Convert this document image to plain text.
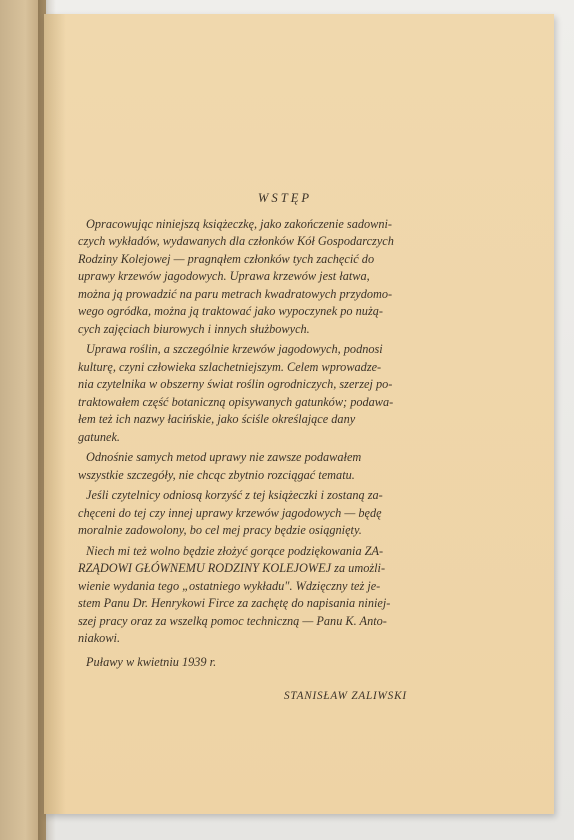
WSTĘP
Opracowując niniejszą książeczkę, jako zakończenie sadowni-
czych wykładów, wydawanych dla członków Kół Gospodarczych
Rodziny Kolejowej — pragnąłem członków tych zachęcić do
uprawy krzewów jagodowych. Uprawa krzewów jest łatwa,
można ją prowadzić na paru metrach kwadratowych przydomo-
wego ogródka, można ją traktować jako wypoczynek po nużą-
cych zajęciach biurowych i innych służbowych.
Uprawa roślin, a szczególnie krzewów jagodowych, podnosi
kulturę, czyni człowieka szlachetniejszym. Celem wprowadze-
nia czytelnika w obszerny świat roślin ogrodniczych, szerzej po-
traktowałem część botaniczną opisywanych gatunków; podawa-
łem też ich nazwy łacińskie, jako ściśle określające dany
gatunek.
Odnośnie samych metod uprawy nie zawsze podawałem
wszystkie szczegóły, nie chcąc zbytnio rozciągać tematu.
Jeśli czytelnicy odniosą korzyść z tej książeczki i zostaną za-
chęceni do tej czy innej uprawy krzewów jagodowych — będę
moralnie zadowolony, bo cel mej pracy będzie osiągnięty.
Niech mi też wolno będzie złożyć gorące podziękowania ZA-
RZĄDOWI GŁÓWNEMU RODZINY KOLEJOWEJ za umożli-
wienie wydania tego „ostatniego wykładu". Wdzięczny też je-
stem Panu Dr. Henrykowi Firce za zachętę do napisania niniej-
szej pracy oraz za wszelką pomoc techniczną — Panu K. Anto-
niakowi.
Puławy w kwietniu 1939 r.
STANISŁAW ZALIWSKI
